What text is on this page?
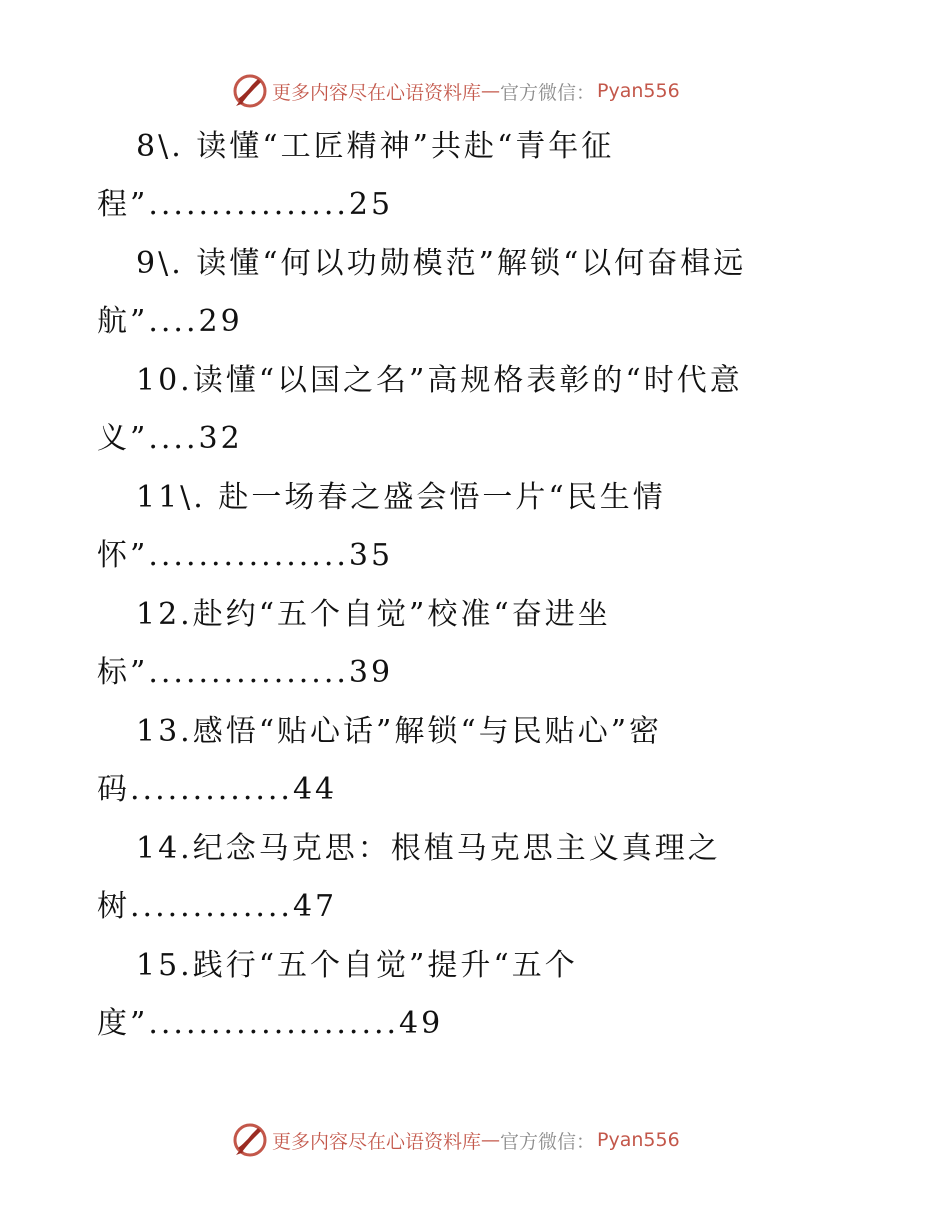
更多内容尽在心语资料库 — 官方微信： Pyan556
8\. 读懂“工匠精神”共赴“青年征
程”................25
9\. 读懂“何以功勋模范”解锁“以何奋楫远
航”....29
10.读懂“以国之名”高规格表彰的“时代意
义”....32
11\. 赴一场春之盛会悟一片“民生情
怀”................35
12.赴约“五个自觉”校准“奋进坐
标”................39
13.感悟“贴心话”解锁“与民贴心”密
码.............44
14.纪念马克思：根植马克思主义真理之
树.............47
15.践行“五个自觉”提升“五个
度”....................49
更多内容尽在心语资料库 — 官方微信： Pyan556
